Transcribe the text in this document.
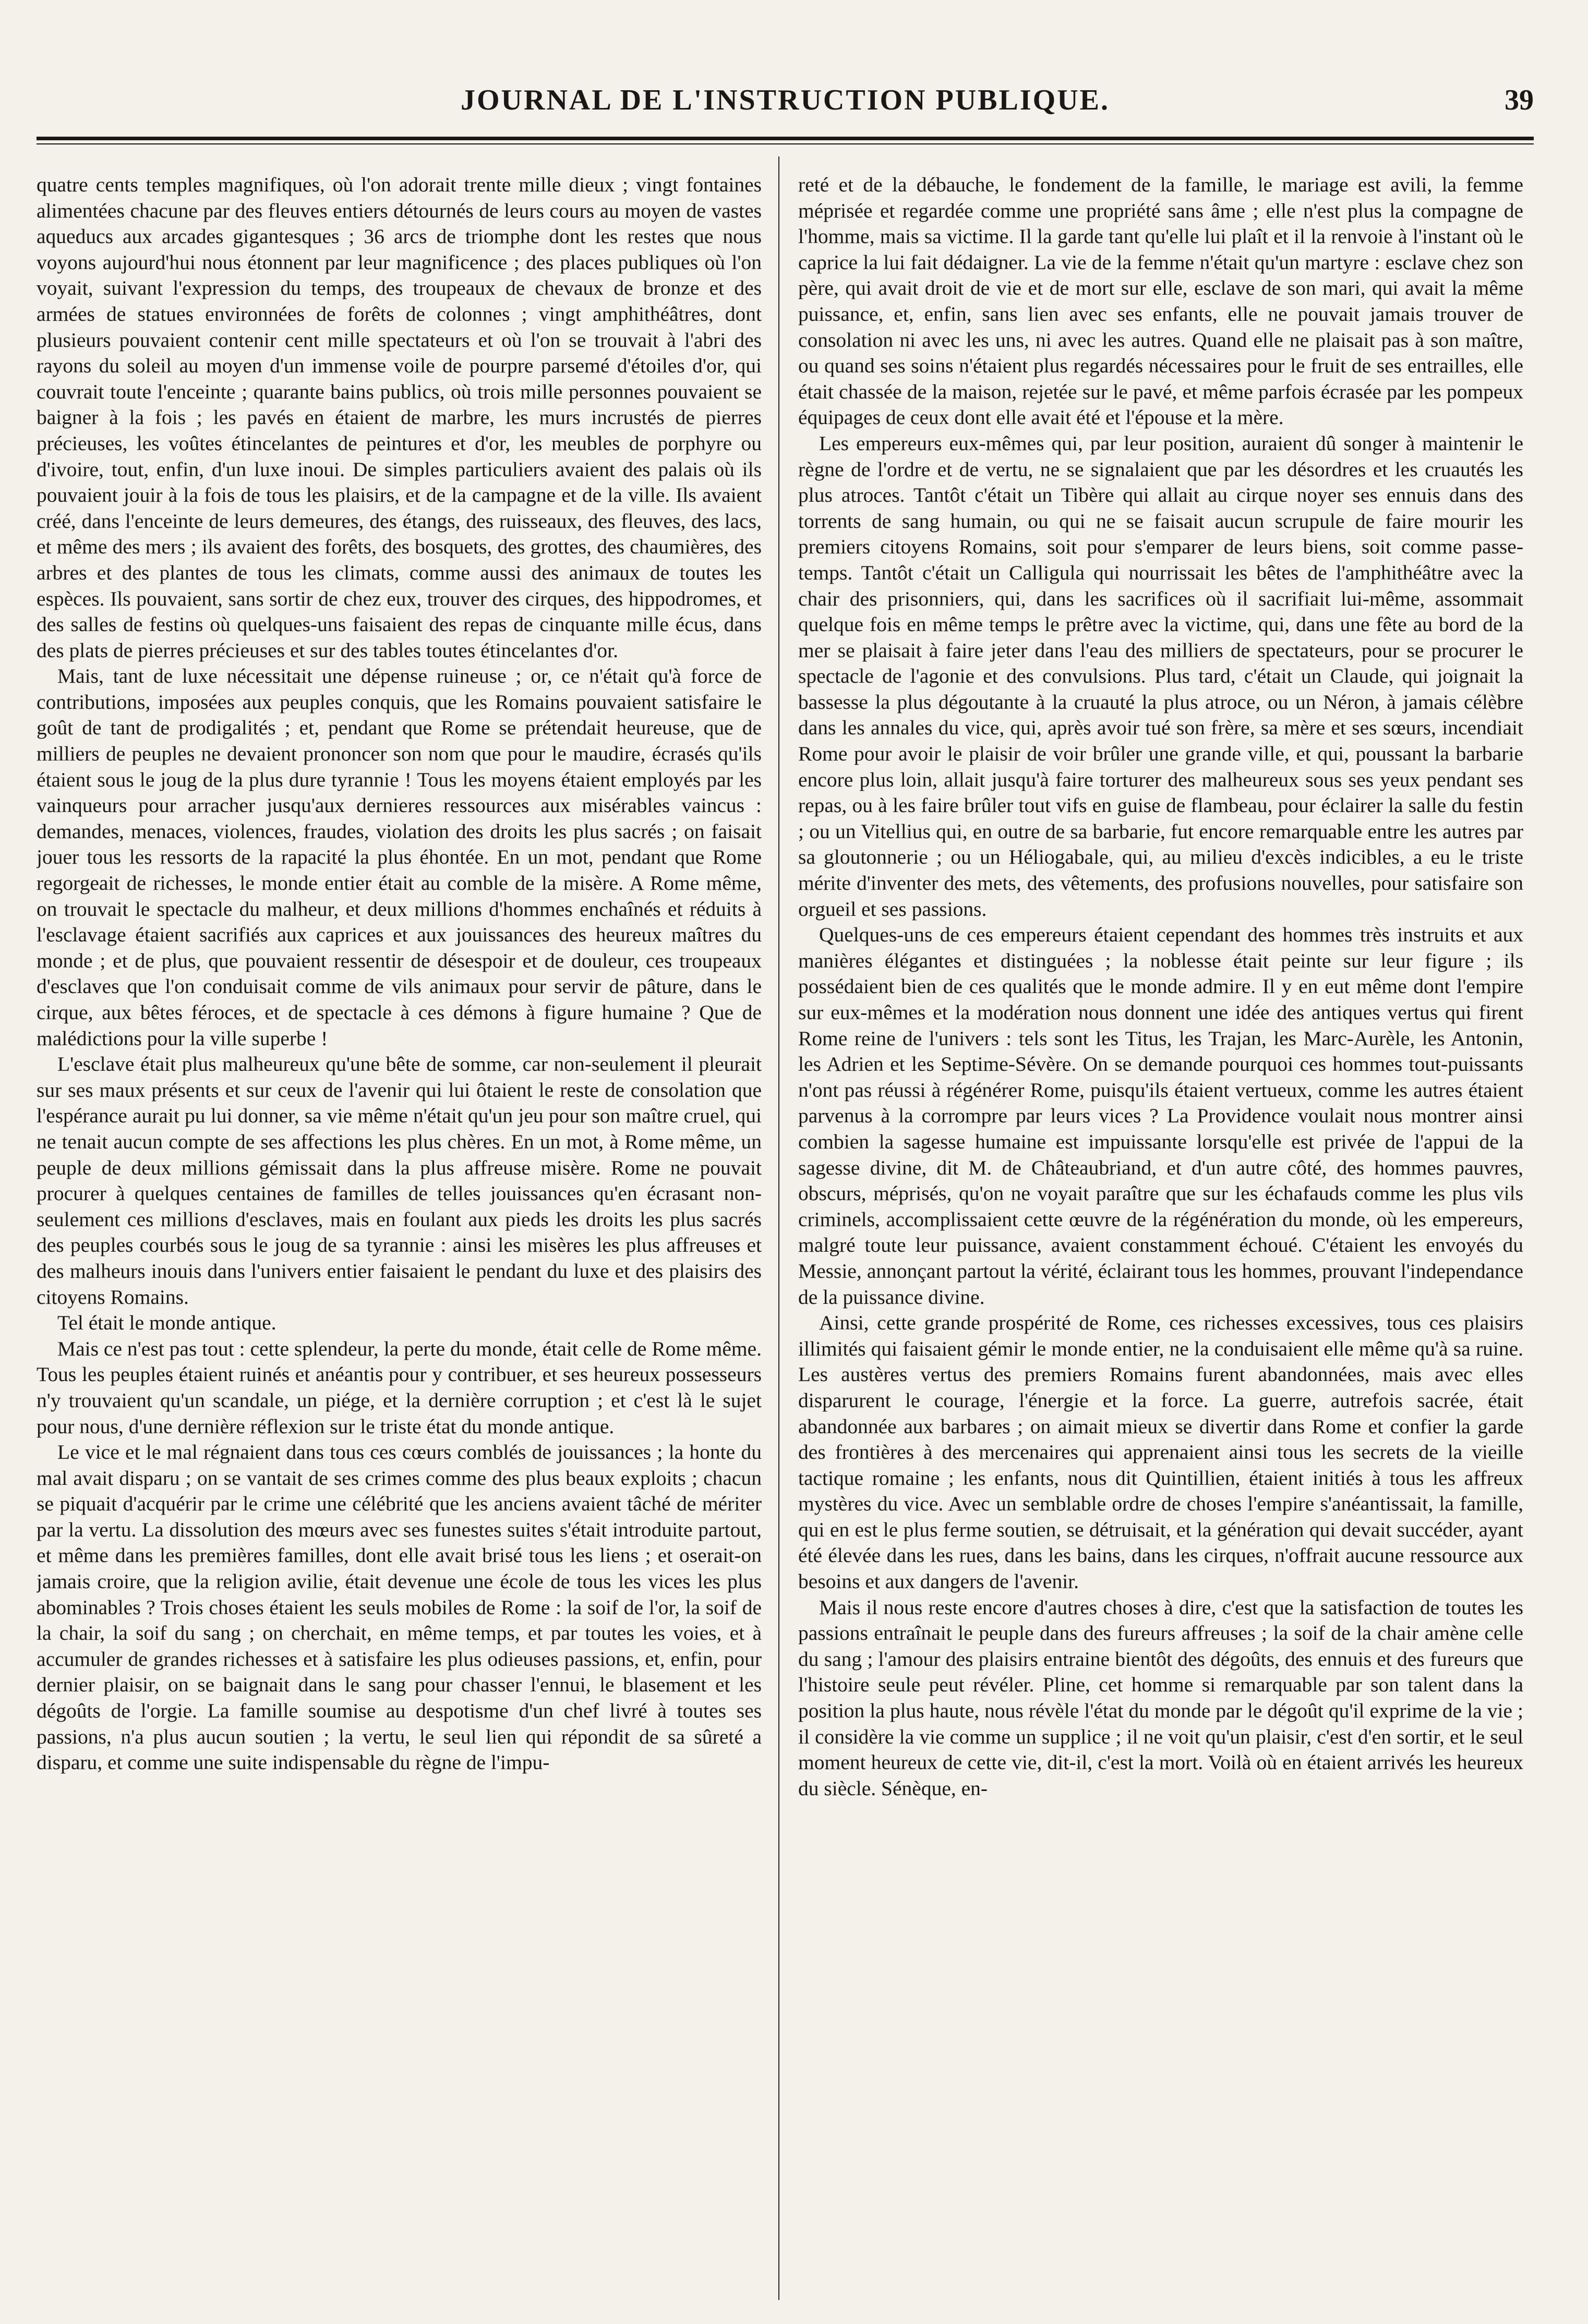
JOURNAL DE L'INSTRUCTION PUBLIQUE.	39

quatre cents temples magnifiques, où l'on adorait trente mille dieux ; vingt fontaines alimentées chacune par des fleuves entiers détournés de leurs cours au moyen de vastes aqueducs aux arcades gigantesques ; 36 arcs de triomphe dont les restes que nous voyons aujourd'hui nous étonnent par leur magnificence ; des places publiques où l'on voyait, suivant l'expression du temps, des troupeaux de chevaux de bronze et des armées de statues environnées de forêts de colonnes ; vingt amphithéâtres, dont plusieurs pouvaient contenir cent mille spectateurs et où l'on se trouvait à l'abri des rayons du soleil au moyen d'un immense voile de pourpre parsemé d'étoiles d'or, qui couvrait toute l'enceinte ; quarante bains publics, où trois mille personnes pouvaient se baigner à la fois ; les pavés en étaient de marbre, les murs incrustés de pierres précieuses, les voûtes étincelantes de peintures et d'or, les meubles de porphyre ou d'ivoire, tout, enfin, d'un luxe inoui. De simples particuliers avaient des palais où ils pouvaient jouir à la fois de tous les plaisirs, et de la campagne et de la ville. Ils avaient créé, dans l'enceinte de leurs demeures, des étangs, des ruisseaux, des fleuves, des lacs, et même des mers ; ils avaient des forêts, des bosquets, des grottes, des chaumières, des arbres et des plantes de tous les climats, comme aussi des animaux de toutes les espèces. Ils pouvaient, sans sortir de chez eux, trouver des cirques, des hippodromes, et des salles de festins où quelques-uns faisaient des repas de cinquante mille écus, dans des plats de pierres précieuses et sur des tables toutes étincelantes d'or.

Mais, tant de luxe nécessitait une dépense ruineuse ; or, ce n'était qu'à force de contributions, imposées aux peuples conquis, que les Romains pouvaient satisfaire le goût de tant de prodigalités ; et, pendant que Rome se prétendait heureuse, que de milliers de peuples ne devaient prononcer son nom que pour le maudire, écrasés qu'ils étaient sous le joug de la plus dure tyrannie ! Tous les moyens étaient employés par les vainqueurs pour arracher jusqu'aux dernieres ressources aux misérables vaincus : demandes, menaces, violences, fraudes, violation des droits les plus sacrés ; on faisait jouer tous les ressorts de la rapacité la plus éhontée. En un mot, pendant que Rome regorgeait de richesses, le monde entier était au comble de la misère. A Rome même, on trouvait le spectacle du malheur, et deux millions d'hommes enchaînés et réduits à l'esclavage étaient sacrifiés aux caprices et aux jouissances des heureux maîtres du monde ; et de plus, que pouvaient ressentir de désespoir et de douleur, ces troupeaux d'esclaves que l'on conduisait comme de vils animaux pour servir de pâture, dans le cirque, aux bêtes féroces, et de spectacle à ces démons à figure humaine ? Que de malédictions pour la ville superbe !

L'esclave était plus malheureux qu'une bête de somme, car non-seulement il pleurait sur ses maux présents et sur ceux de l'avenir qui lui ôtaient le reste de consolation que l'espérance aurait pu lui donner, sa vie même n'était qu'un jeu pour son maître cruel, qui ne tenait aucun compte de ses affections les plus chères. En un mot, à Rome même, un peuple de deux millions gémissait dans la plus affreuse misère. Rome ne pouvait procurer à quelques centaines de familles de telles jouissances qu'en écrasant non-seulement ces millions d'esclaves, mais en foulant aux pieds les droits les plus sacrés des peuples courbés sous le joug de sa tyrannie : ainsi les misères les plus affreuses et des malheurs inouis dans l'univers entier faisaient le pendant du luxe et des plaisirs des citoyens Romains.

Tel était le monde antique.

Mais ce n'est pas tout : cette splendeur, la perte du monde, était celle de Rome même. Tous les peuples étaient ruinés et anéantis pour y contribuer, et ses heureux possesseurs n'y trouvaient qu'un scandale, un piége, et la dernière corruption ; et c'est là le sujet pour nous, d'une dernière réflexion sur le triste état du monde antique.

Le vice et le mal régnaient dans tous ces cœurs comblés de jouissances ; la honte du mal avait disparu ; on se vantait de ses crimes comme des plus beaux exploits ; chacun se piquait d'acquérir par le crime une célébrité que les anciens avaient tâché de mériter par la vertu. La dissolution des mœurs avec ses funestes suites s'était introduite partout, et même dans les premières familles, dont elle avait brisé tous les liens ; et oserait-on jamais croire, que la religion avilie, était devenue une école de tous les vices les plus abominables ? Trois choses étaient les seuls mobiles de Rome : la soif de l'or, la soif de la chair, la soif du sang ; on cherchait, en même temps, et par toutes les voies, et à accumuler de grandes richesses et à satisfaire les plus odieuses passions, et, enfin, pour dernier plaisir, on se baignait dans le sang pour chasser l'ennui, le blasement et les dégoûts de l'orgie. La famille soumise au despotisme d'un chef livré à toutes ses passions, n'a plus aucun soutien ; la vertu, le seul lien qui répondit de sa sûreté a disparu, et comme une suite indispensable du règne de l'impu-

reté et de la débauche, le fondement de la famille, le mariage est avili, la femme méprisée et regardée comme une propriété sans âme ; elle n'est plus la compagne de l'homme, mais sa victime. Il la garde tant qu'elle lui plaît et il la renvoie à l'instant où le caprice la lui fait dédaigner. La vie de la femme n'était qu'un martyre : esclave chez son père, qui avait droit de vie et de mort sur elle, esclave de son mari, qui avait la même puissance, et, enfin, sans lien avec ses enfants, elle ne pouvait jamais trouver de consolation ni avec les uns, ni avec les autres. Quand elle ne plaisait pas à son maître, ou quand ses soins n'étaient plus regardés nécessaires pour le fruit de ses entrailles, elle était chassée de la maison, rejetée sur le pavé, et même parfois écrasée par les pompeux équipages de ceux dont elle avait été et l'épouse et la mère.

Les empereurs eux-mêmes qui, par leur position, auraient dû songer à maintenir le règne de l'ordre et de vertu, ne se signalaient que par les désordres et les cruautés les plus atroces. Tantôt c'était un Tibère qui allait au cirque noyer ses ennuis dans des torrents de sang humain, ou qui ne se faisait aucun scrupule de faire mourir les premiers citoyens Romains, soit pour s'emparer de leurs biens, soit comme passe-temps. Tantôt c'était un Calligula qui nourrissait les bêtes de l'amphithéâtre avec la chair des prisonniers, qui, dans les sacrifices où il sacrifiait lui-même, assommait quelque fois en même temps le prêtre avec la victime, qui, dans une fête au bord de la mer se plaisait à faire jeter dans l'eau des milliers de spectateurs, pour se procurer le spectacle de l'agonie et des convulsions. Plus tard, c'était un Claude, qui joignait la bassesse la plus dégoutante à la cruauté la plus atroce, ou un Néron, à jamais célèbre dans les annales du vice, qui, après avoir tué son frère, sa mère et ses sœurs, incendiait Rome pour avoir le plaisir de voir brûler une grande ville, et qui, poussant la barbarie encore plus loin, allait jusqu'à faire torturer des malheureux sous ses yeux pendant ses repas, ou à les faire brûler tout vifs en guise de flambeau, pour éclairer la salle du festin ; ou un Vitellius qui, en outre de sa barbarie, fut encore remarquable entre les autres par sa gloutonnerie ; ou un Héliogabale, qui, au milieu d'excès indicibles, a eu le triste mérite d'inventer des mets, des vêtements, des profusions nouvelles, pour satisfaire son orgueil et ses passions.

Quelques-uns de ces empereurs étaient cependant des hommes très instruits et aux manières élégantes et distinguées ; la noblesse était peinte sur leur figure ; ils possédaient bien de ces qualités que le monde admire. Il y en eut même dont l'empire sur eux-mêmes et la modération nous donnent une idée des antiques vertus qui firent Rome reine de l'univers : tels sont les Titus, les Trajan, les Marc-Aurèle, les Antonin, les Adrien et les Septime-Sévère. On se demande pourquoi ces hommes tout-puissants n'ont pas réussi à régénérer Rome, puisqu'ils étaient vertueux, comme les autres étaient parvenus à la corrompre par leurs vices ? La Providence voulait nous montrer ainsi combien la sagesse humaine est impuissante lorsqu'elle est privée de l'appui de la sagesse divine, dit M. de Châteaubriand, et d'un autre côté, des hommes pauvres, obscurs, méprisés, qu'on ne voyait paraître que sur les échafauds comme les plus vils criminels, accomplissaient cette œuvre de la régénération du monde, où les empereurs, malgré toute leur puissance, avaient constamment échoué. C'étaient les envoyés du Messie, annonçant partout la vérité, éclairant tous les hommes, prouvant l'independance de la puissance divine.

Ainsi, cette grande prospérité de Rome, ces richesses excessives, tous ces plaisirs illimités qui faisaient gémir le monde entier, ne la conduisaient elle même qu'à sa ruine. Les austères vertus des premiers Romains furent abandonnées, mais avec elles disparurent le courage, l'énergie et la force. La guerre, autrefois sacrée, était abandonnée aux barbares ; on aimait mieux se divertir dans Rome et confier la garde des frontières à des mercenaires qui apprenaient ainsi tous les secrets de la vieille tactique romaine ; les enfants, nous dit Quintillien, étaient initiés à tous les affreux mystères du vice. Avec un semblable ordre de choses l'empire s'anéantissait, la famille, qui en est le plus ferme soutien, se détruisait, et la génération qui devait succéder, ayant été élevée dans les rues, dans les bains, dans les cirques, n'offrait aucune ressource aux besoins et aux dangers de l'avenir.

Mais il nous reste encore d'autres choses à dire, c'est que la satisfaction de toutes les passions entraînait le peuple dans des fureurs affreuses ; la soif de la chair amène celle du sang ; l'amour des plaisirs entraine bientôt des dégoûts, des ennuis et des fureurs que l'histoire seule peut révéler. Pline, cet homme si remarquable par son talent dans la position la plus haute, nous révèle l'état du monde par le dégoût qu'il exprime de la vie ; il considère la vie comme un supplice ; il ne voit qu'un plaisir, c'est d'en sortir, et le seul moment heureux de cette vie, dit-il, c'est la mort. Voilà où en étaient arrivés les heureux du siècle. Sénèque, en-
